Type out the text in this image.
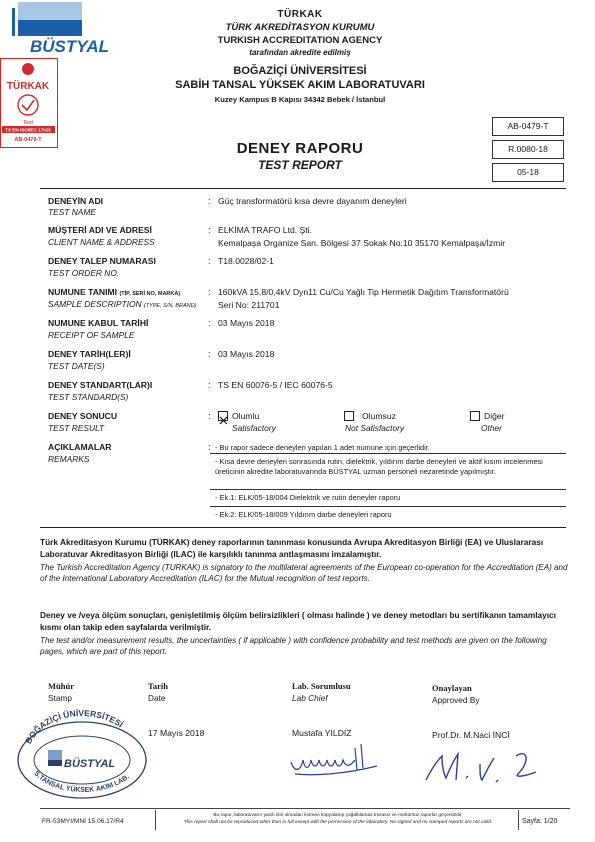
TÜRKAK
TÜRK AKREDİTASYON KURUMU
TURKISH ACCREDITATION AGENCY
tarafından akredite edilmiş
BOĞAZİÇİ ÜNİVERSİTESİ
SABİH TANSAL YÜKSEK AKIM LABORATUVARI
Kuzey Kampus B Kapısı 34342 Bebek / İstanbul
BÜSTYAL
TÜRKAK
Test
TS EN ISO/IEC 17025
AB-0479-T
AB-0479-T
R.0080-18
05-18
DENEY RAPORU
TEST REPORT
DENEYİN ADI
TEST NAME
: Güç transformatörü kısa devre dayanım deneyleri
MÜŞTERİ ADI VE ADRESİ
CLIENT NAME & ADDRESS
: ELKİMA TRAFO Ltd. Şti.
Kemalpaşa Organize San. Bölgesi 37 Sokak No:10 35170 Kemalpaşa/İzmir
DENEY TALEP NUMARASI
TEST ORDER NO.
: T18.0028/02-1
NUMUNE TANIMI (TİP, SERİ NO, MARKA)
SAMPLE DESCRIPTION (TYPE, S/N, BRAND)
: 160kVA 15,8/0,4kV Dyn11 Cu/Cu Yağlı Tip Hermetik Dağıtım Transformatörü
Seri No: 211701
NUMUNE KABUL TARİHİ
RECEIPT OF SAMPLE
: 03 Mayıs 2018
DENEY TARİH(LER)İ
TEST DATE(S)
: 03 Mayıs 2018
DENEY STANDART(LAR)I
TEST STANDARD(S)
: TS EN 60076-5 / IEC 60076-5
DENEY SONUCU
TEST RESULT
: Olumlu
Satisfactory
Olumsuz
Not Satisfactory
Diğer
Other
AÇIKLAMALAR
REMARKS
: - Bu rapor sadece deneyleri yapılan 1 adet numune için geçerlidir.
- Kısa devre deneyleri sonrasında rutin, dielektrik, yıldırım darbe deneyleri ve aktif kısım incelenmesi üreticinin akredite laboratuvarında BÜSTYAL uzman personeli nezaretinde yapılmıştır.
- Ek.1: ELK/05-18/004 Dielektrik ve rutin deneyler raporu
- Ek.2: ELK/05-18/009 Yıldırım darbe deneyleri raporu
Türk Akreditasyon Kurumu (TÜRKAK) deney raporlarının tanınması konusunda Avrupa Akreditasyon Birliği (EA) ve Uluslararası Laboratuvar Akreditasyon Birliği (ILAC) ile karşılıklı tanınma antlaşmasını imzalamıştır.
The Turkish Accreditation Agency (TURKAK) is signatory to the multilateral agreements of the European co-operation for the Accreditation (EA) and of the International Laboratory Accreditation (ILAC) for the Mutual recognition of test reports.
Deney ve /veya ölçüm sonuçları, genişletilmiş ölçüm belirsizlikleri ( olması halinde ) ve deney metodları bu sertifikanın tamamlayıcı kısmı olan takip eden sayfalarda verilmiştir.
The test and/or measurement results, the uncertainties ( if applicable ) with confidence probability and test methods are given on the following pages, which are part of this report.
Mühür
Stamp
Tarih
Date
17 Mayıs 2018
Lab. Sorumlusu
Lab Chief
Mustafa YILDIZ
Onaylayan
Approved By
Prof.Dr. M.Naci İNCİ
BOĞAZİÇİ ÜNİVERSİTESİ
S.TANSAL YÜKSEK AKIM LAB.
BÜSTYAL
FR-53MYI/MNİ 15.06.17/R4
Bu rapor, laboratuvarın yazılı izni olmadan kısmen kopyalanıp çoğaltılamaz.İmzasız ve mühürsüz raporlar geçersizdir.
This report shall not be reproduced other than in full except with the permission of the laboratory. No signed and no stamped reports are not valid.	Sayfa: 1/20
